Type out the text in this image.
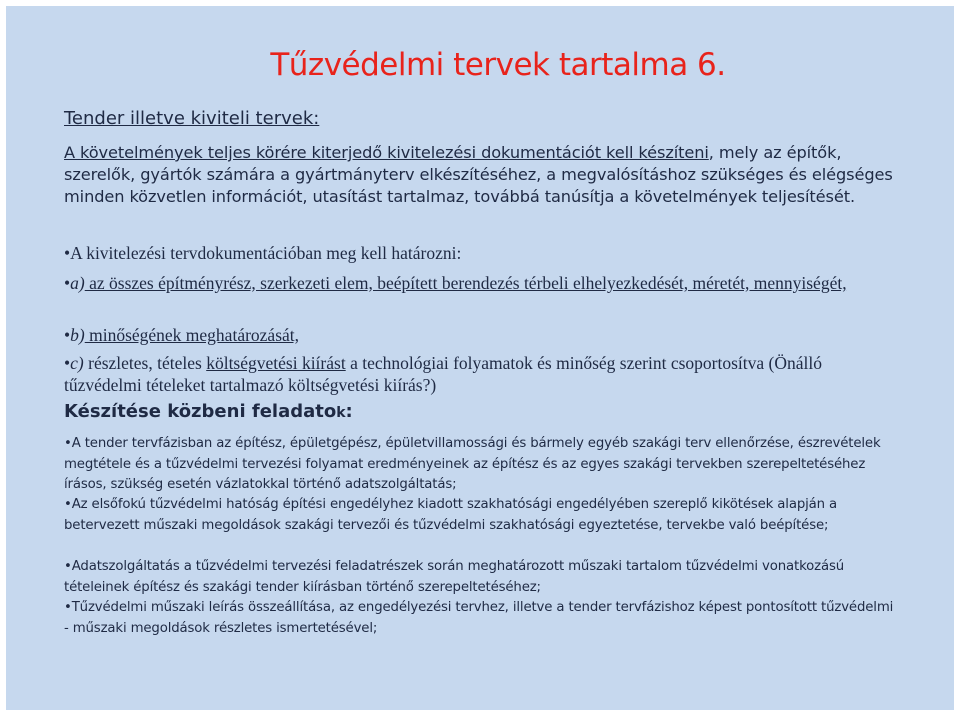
Tűzvédelmi tervek tartalma 6.
Tender illetve kiviteli tervek:
A követelmények teljes körére kiterjedő kivitelezési dokumentációt kell készíteni, mely az építők, szerelők, gyártók számára a gyártmányterv elkészítéséhez, a megvalósításhoz szükséges és elégséges minden közvetlen információt, utasítást tartalmaz, továbbá tanúsítja a követelmények teljesítését.
•A kivitelezési tervdokumentációban meg kell határozni:
•a) az összes építményrész, szerkezeti elem, beépített berendezés térbeli elhelyezkedését, méretét, mennyiségét,
•b) minőségének meghatározását,
•c) részletes, tételes költségvetési kiírást a technológiai folyamatok és minőség szerint csoportosítva (Önálló tűzvédelmi tételeket tartalmazó költségvetési kiírás?)
Készítése közbeni feladatok:
•A tender tervfázisban az építész, épületgépész, épületvillamossági és bármely egyéb szakági terv ellenőrzése, észrevételek megtétele és a tűzvédelmi tervezési folyamat eredményeinek az építész és az egyes szakági tervekben szerepeltetéséhez írásos, szükség esetén vázlatokkal történő adatszolgáltatás;
•Az elsőfokú tűzvédelmi hatóság építési engedélyhez kiadott szakhatósági engedélyében szereplő kikötések alapján a betervezett műszaki megoldások szakági tervezői és tűzvédelmi szakhatósági egyeztetése, tervekbe való beépítése;
•Adatszolgáltatás a tűzvédelmi tervezési feladatrészek során meghatározott műszaki tartalom tűzvédelmi vonatkozású tételeinek építész és szakági tender kiírásban történő szerepeltetéséhez;
•Tűzvédelmi műszaki leírás összeállítása, az engedélyezési tervhez, illetve a tender tervfázishoz képest pontosított tűzvédelmi - műszaki megoldások részletes ismertetésével;
